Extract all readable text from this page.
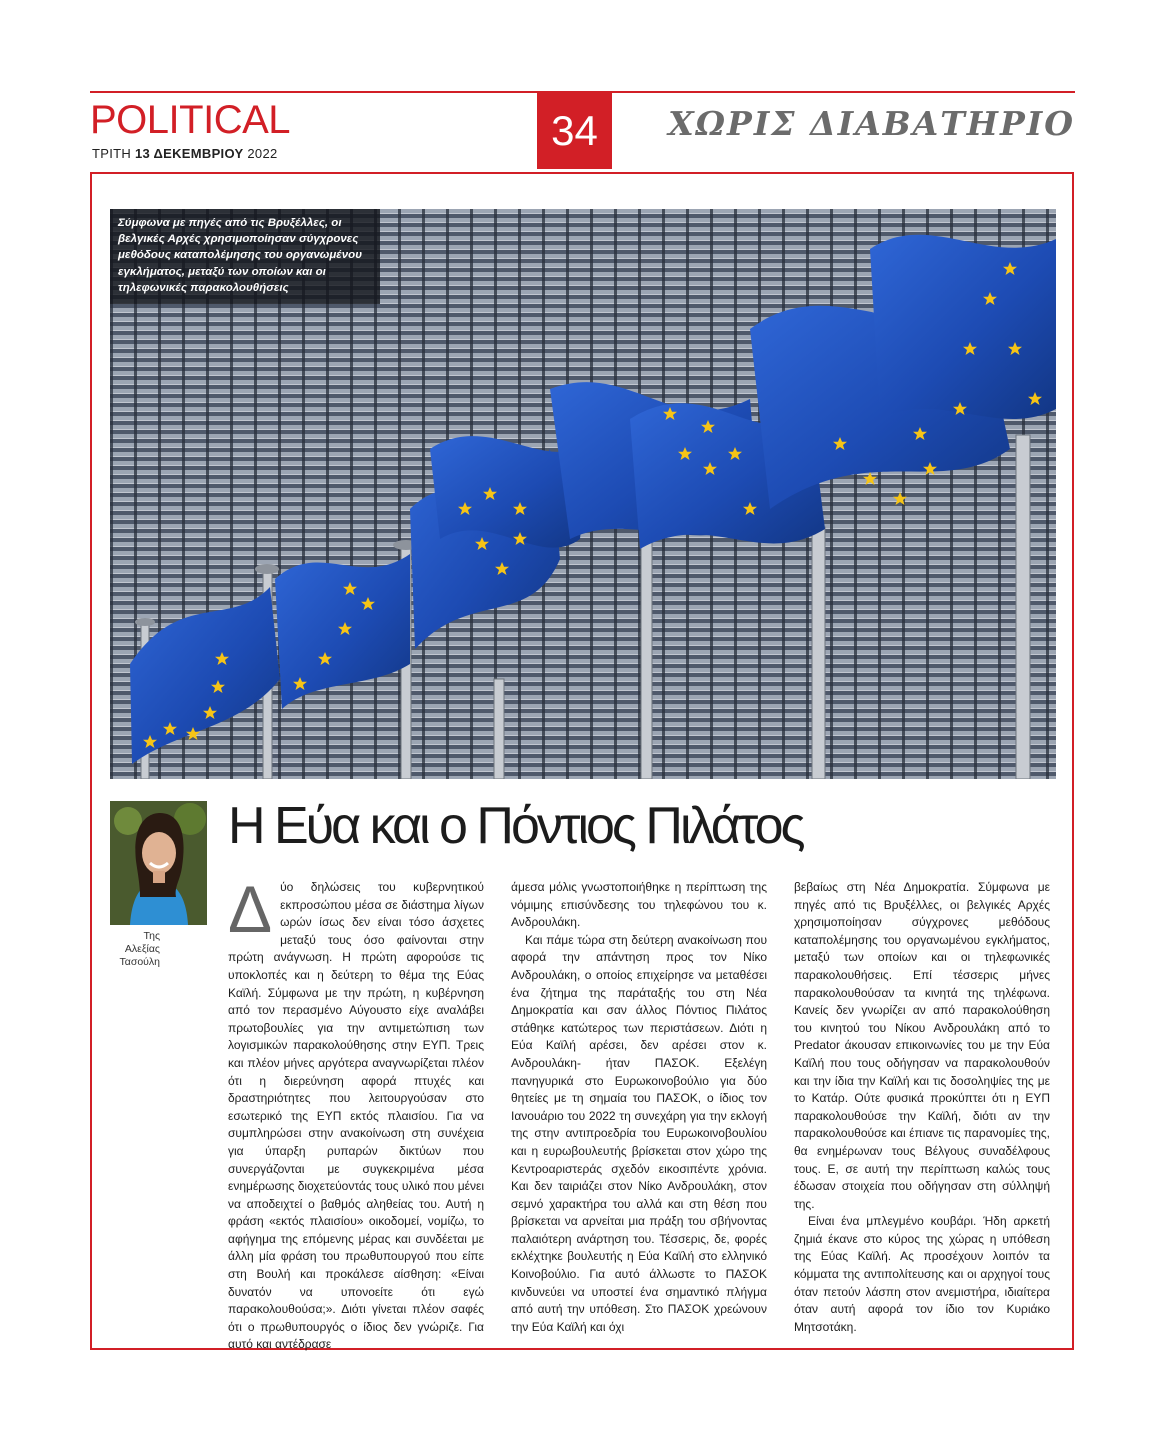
POLITICAL
ΤΡΙΤΗ 13 ΔΕΚΕΜΒΡΙΟΥ 2022	34	ΧΩΡΙΣ ΔΙΑΒΑΤΗΡΙΟ
Σύμφωνα με πηγές από τις Βρυξέλλες, οι βελγικές Αρχές χρησιμοποίησαν σύγχρονες μεθόδους καταπολέμησης του οργανωμένου εγκλήματος, μεταξύ των οποίων και οι τηλεφωνικές παρακολουθήσεις
Της
Αλεξίας
Τασούλη
Η Εύα και ο Πόντιος Πιλάτος

Δύο δηλώσεις του κυβερνητικού εκπροσώπου μέσα σε διάστημα λίγων ωρών ίσως δεν είναι τόσο άσχετες μεταξύ τους όσο φαίνονται στην πρώτη ανάγνωση. Η πρώτη αφορούσε τις υποκλοπές και η δεύτερη το θέμα της Εύας Καϊλή. Σύμφωνα με την πρώτη, η κυβέρνηση από τον περασμένο Αύγουστο είχε αναλάβει πρωτοβουλίες για την αντιμετώπιση των λογισμικών παρακολούθησης στην ΕΥΠ. Τρεις και πλέον μήνες αργότερα αναγνωρίζεται πλέον ότι η διερεύνηση αφορά πτυχές και δραστηριότητες που λειτουργούσαν στο εσωτερικό της ΕΥΠ εκτός πλαισίου. Για να συμπληρώσει στην ανακοίνωση στη συνέχεια για ύπαρξη ρυπαρών δικτύων που συνεργάζονται με συγκεκριμένα μέσα ενημέρωσης διοχετεύοντάς τους υλικό που μένει να αποδειχτεί ο βαθμός αληθείας του. Αυτή η φράση «εκτός πλαισίου» οικοδομεί, νομίζω, το αφήγημα της επόμενης μέρας και συνδέεται με άλλη μία φράση του πρωθυπουργού που είπε στη Βουλή και προκάλεσε αίσθηση: «Είναι δυνατόν να υπονοείτε ότι εγώ παρακολουθούσα;». Διότι γίνεται πλέον σαφές ότι ο πρωθυπουργός ο ίδιος δεν γνώριζε. Για αυτό και αντέδρασε

άμεσα μόλις γνωστοποιήθηκε η περίπτωση της νόμιμης επισύνδεσης του τηλεφώνου του κ. Ανδρουλάκη.

Και πάμε τώρα στη δεύτερη ανακοίνωση που αφορά την απάντηση προς τον Νίκο Ανδρουλάκη, ο οποίος επιχείρησε να μεταθέσει ένα ζήτημα της παράταξής του στη Νέα Δημοκρατία και σαν άλλος Πόντιος Πιλάτος στάθηκε κατώτερος των περιστάσεων. Διότι η Εύα Καϊλή αρέσει, δεν αρέσει στον κ. Ανδρουλάκη- ήταν ΠΑΣΟΚ. Εξελέγη πανηγυρικά στο Ευρωκοινοβούλιο για δύο θητείες με τη σημαία του ΠΑΣΟΚ, ο ίδιος τον Ιανουάριο του 2022 τη συνεχάρη για την εκλογή της στην αντιπροεδρία του Ευρωκοινοβουλίου και η ευρωβουλευτής βρίσκεται στον χώρο της Κεντροαριστεράς σχεδόν εικοσιπέντε χρόνια. Και δεν ταιριάζει στον Νίκο Ανδρουλάκη, στον σεμνό χαρακτήρα του αλλά και στη θέση που βρίσκεται να αρνείται μια πράξη του σβήνοντας παλαιότερη ανάρτηση του. Τέσσερις, δε, φορές εκλέχτηκε βουλευτής η Εύα Καϊλή στο ελληνικό Κοινοβούλιο. Για αυτό άλλωστε το ΠΑΣΟΚ κινδυνεύει να υποστεί ένα σημαντικό πλήγμα από αυτή την υπόθεση. Στο ΠΑΣΟΚ χρεώνουν την Εύα Καϊλή και όχι

βεβαίως στη Νέα Δημοκρατία. Σύμφωνα με πηγές από τις Βρυξέλλες, οι βελγικές Αρχές χρησιμοποίησαν σύγχρονες μεθόδους καταπολέμησης του οργανωμένου εγκλήματος, μεταξύ των οποίων και οι τηλεφωνικές παρακολουθήσεις. Επί τέσσερις μήνες παρακολουθούσαν τα κινητά της τηλέφωνα. Κανείς δεν γνωρίζει αν από παρακολούθηση του κινητού του Νίκου Ανδρουλάκη από το Predator άκουσαν επικοινωνίες του με την Εύα Καϊλή που τους οδήγησαν να παρακολουθούν και την ίδια την Καϊλή και τις δοσοληψίες της με το Κατάρ. Ούτε φυσικά προκύπτει ότι η ΕΥΠ παρακολουθούσε την Καϊλή, διότι αν την παρακολουθούσε και έπιανε τις παρανομίες της, θα ενημέρωναν τους Βέλγους συναδέλφους τους. Ε, σε αυτή την περίπτωση καλώς τους έδωσαν στοιχεία που οδήγησαν στη σύλληψή της.

Είναι ένα μπλεγμένο κουβάρι. Ήδη αρκετή ζημιά έκανε στο κύρος της χώρας η υπόθεση της Εύας Καϊλή. Ας προσέχουν λοιπόν τα κόμματα της αντιπολίτευσης και οι αρχηγοί τους όταν πετούν λάσπη στον ανεμιστήρα, ιδιαίτερα όταν αυτή αφορά τον ίδιο τον Κυριάκο Μητσοτάκη.
